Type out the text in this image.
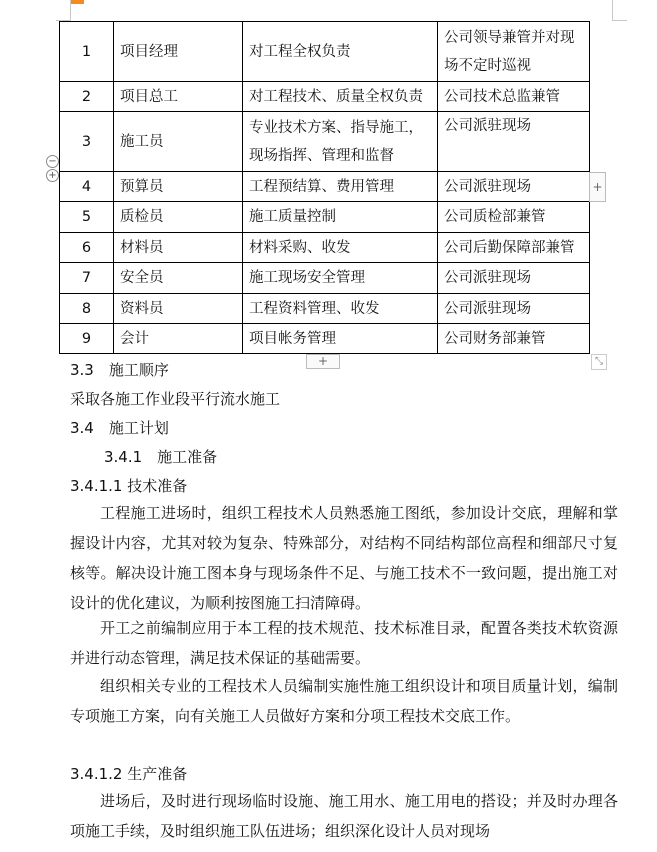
1	项目经理	对工程全权负责	公司领导兼管并对现场不定时巡视
2	项目总工	对工程技术、质量全权负责	公司技术总监兼管
3	施工员	专业技术方案、指导施工，现场指挥、管理和监督	公司派驻现场
4	预算员	工程预结算、费用管理	公司派驻现场
5	质检员	施工质量控制	公司质检部兼管
6	材料员	材料采购、收发	公司后勤保障部兼管
7	安全员	施工现场安全管理	公司派驻现场
8	资料员	工程资料管理、收发	公司派驻现场
9	会计	项目帐务管理	公司财务部兼管
−
+
+
+	⤡

3.3　施工顺序

采取各施工作业段平行流水施工

3.4　施工计划

3.4.1　施工准备

3.4.1.1 技术准备

工程施工进场时，组织工程技术人员熟悉施工图纸，参加设计交底，理解和掌握设计内容，尤其对较为复杂、特殊部分，对结构不同结构部位高程和细部尺寸复核等。解决设计施工图本身与现场条件不足、与施工技术不一致问题，提出施工对设计的优化建议，为顺利按图施工扫清障碍。

开工之前编制应用于本工程的技术规范、技术标准目录，配置各类技术软资源并进行动态管理，满足技术保证的基础需要。

组织相关专业的工程技术人员编制实施性施工组织设计和项目质量计划，编制专项施工方案，向有关施工人员做好方案和分项工程技术交底工作。

3.4.1.2 生产准备

进场后，及时进行现场临时设施、施工用水、施工用电的搭设；并及时办理各项施工手续，及时组织施工队伍进场；组织深化设计人员对现场
